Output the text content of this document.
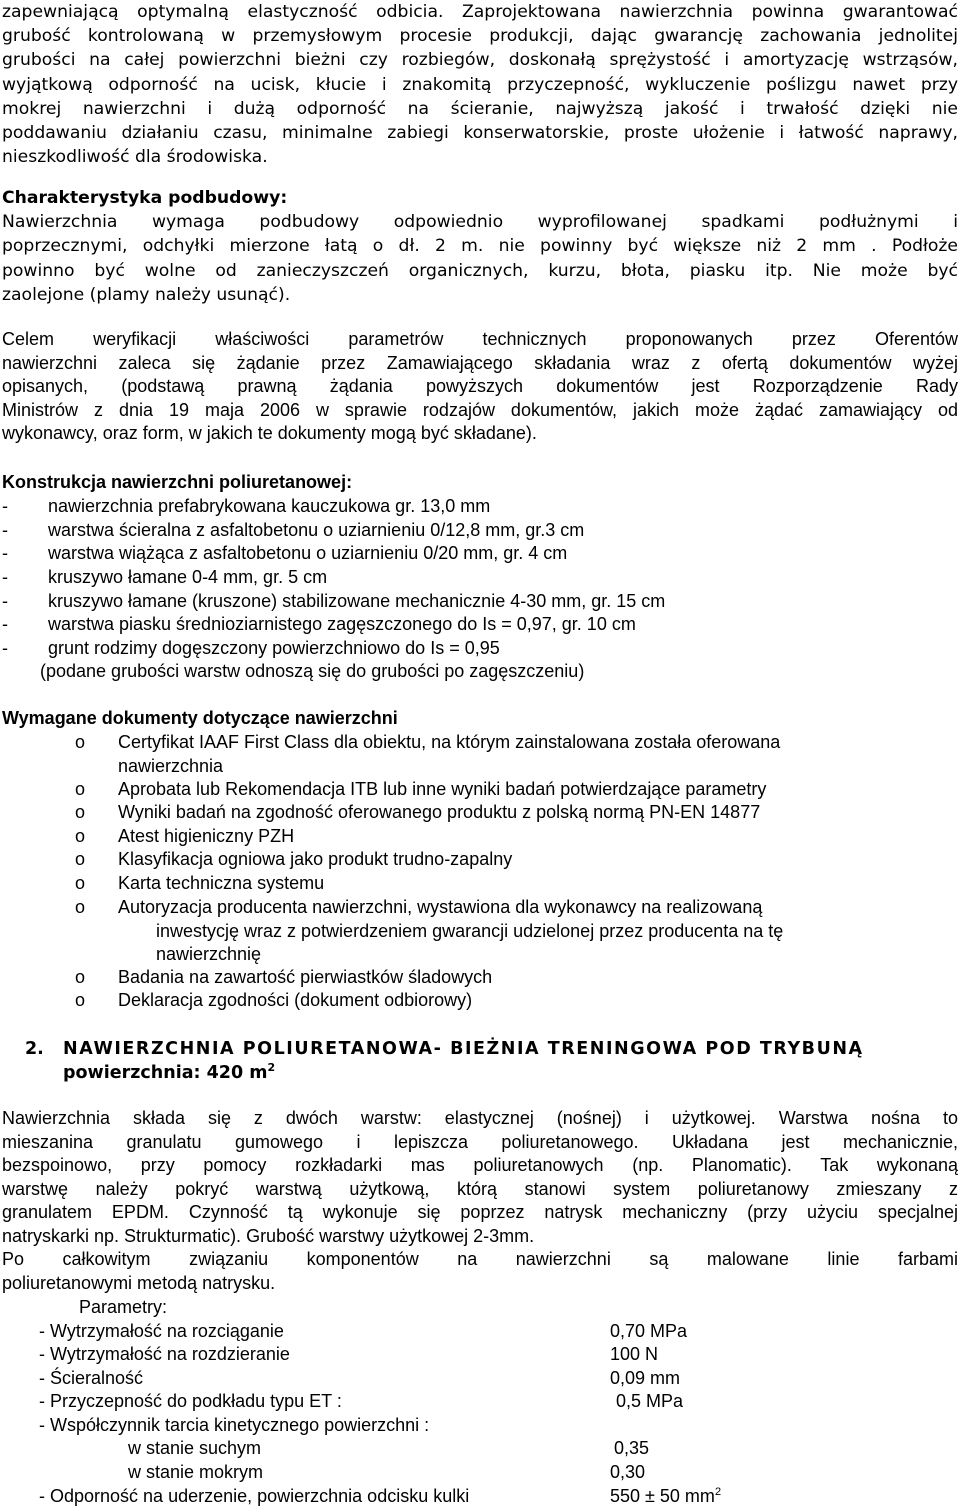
zapewniającą optymalną elastyczność odbicia. Zaprojektowana nawierzchnia powinna gwarantować
grubość kontrolowaną w przemysłowym procesie produkcji, dając gwarancję zachowania jednolitej
grubości na całej powierzchni bieżni czy rozbiegów, doskonałą sprężystość i amortyzację wstrząsów,
wyjątkową odporność na ucisk, kłucie i znakomitą przyczepność, wykluczenie poślizgu nawet przy
mokrej nawierzchni i dużą odporność na ścieranie, najwyższą jakość i trwałość dzięki nie
poddawaniu działaniu czasu, minimalne zabiegi konserwatorskie, proste ułożenie i łatwość naprawy,
nieszkodliwość dla środowiska.
Charakterystyka podbudowy:
Nawierzchnia wymaga podbudowy odpowiednio wyprofilowanej spadkami podłużnymi i
poprzecznymi, odchyłki mierzone łatą o dł. 2 m. nie powinny być większe niż 2 mm . Podłoże
powinno być wolne od zanieczyszczeń organicznych, kurzu, błota, piasku itp. Nie może być
zaolejone (plamy należy usunąć).
Celem weryfikacji właściwości parametrów technicznych proponowanych przez Oferentów
nawierzchni zaleca się żądanie przez Zamawiającego składania wraz z ofertą dokumentów wyżej
opisanych, (podstawą prawną żądania powyższych dokumentów jest Rozporządzenie Rady
Ministrów z dnia 19 maja 2006 w sprawie rodzajów dokumentów, jakich może żądać zamawiający od
wykonawcy, oraz form, w jakich te dokumenty mogą być składane).
Konstrukcja nawierzchni poliuretanowej:
- nawierzchnia prefabrykowana kauczukowa gr. 13,0 mm
- warstwa ścieralna z asfaltobetonu o uziarnieniu 0/12,8 mm, gr.3 cm
- warstwa wiążąca z asfaltobetonu o uziarnieniu 0/20 mm, gr. 4 cm
- kruszywo łamane 0-4 mm, gr. 5 cm
- kruszywo łamane (kruszone) stabilizowane mechanicznie 4-30 mm, gr. 15 cm
- warstwa piasku średnioziarnistego zagęszczonego do Is = 0,97, gr. 10 cm
- grunt rodzimy dogęszczony powierzchniowo do Is = 0,95
(podane grubości warstw odnoszą się do grubości po zagęszczeniu)
Wymagane dokumenty dotyczące nawierzchni
o Certyfikat IAAF First Class dla obiektu, na którym zainstalowana została oferowana
nawierzchnia
o Aprobata lub Rekomendacja ITB lub inne wyniki badań potwierdzające parametry
o Wyniki badań na zgodność oferowanego produktu z polską normą PN-EN 14877
o Atest higieniczny PZH
o Klasyfikacja ogniowa jako produkt trudno-zapalny
o Karta techniczna systemu
o Autoryzacja producenta nawierzchni, wystawiona dla wykonawcy na realizowaną
inwestycję wraz z potwierdzeniem gwarancji udzielonej przez producenta na tę
nawierzchnię
o Badania na zawartość pierwiastków śladowych
o Deklaracja zgodności (dokument odbiorowy)
2. NAWIERZCHNIA POLIURETANOWA- BIEŻNIA TRENINGOWA POD TRYBUNĄ
powierzchnia: 420 $m^2$
Nawierzchnia składa się z dwóch warstw: elastycznej (nośnej) i użytkowej. Warstwa nośna to
mieszanina granulatu gumowego i lepiszcza poliuretanowego. Układana jest mechanicznie,
bezspoinowo, przy pomocy rozkładarki mas poliuretanowych (np. Planomatic). Tak wykonaną
warstwę należy pokryć warstwą użytkową, którą stanowi system poliuretanowy zmieszany z
granulatem EPDM. Czynność tą wykonuje się poprzez natrysk mechaniczny (przy użyciu specjalnej
natryskarki np. Strukturmatic). Grubość warstwy użytkowej 2-3mm.
Po całkowitym związaniu komponentów na nawierzchni są malowane linie farbami
poliuretanowymi metodą natrysku.
Parametry:
- Wytrzymałość na rozciąganie	0,70 MPa
- Wytrzymałość na rozdzieranie	100 N
- Ścieralność	0,09 mm
- Przyczepność do podkładu typu ET :	0,5 MPa
- Współczynnik tarcia kinetycznego powierzchni :
w stanie suchym	0,35
w stanie mokrym	0,30
- Odporność na uderzenie, powierzchnia odcisku kulki	550 ± 50 $mm^2$
